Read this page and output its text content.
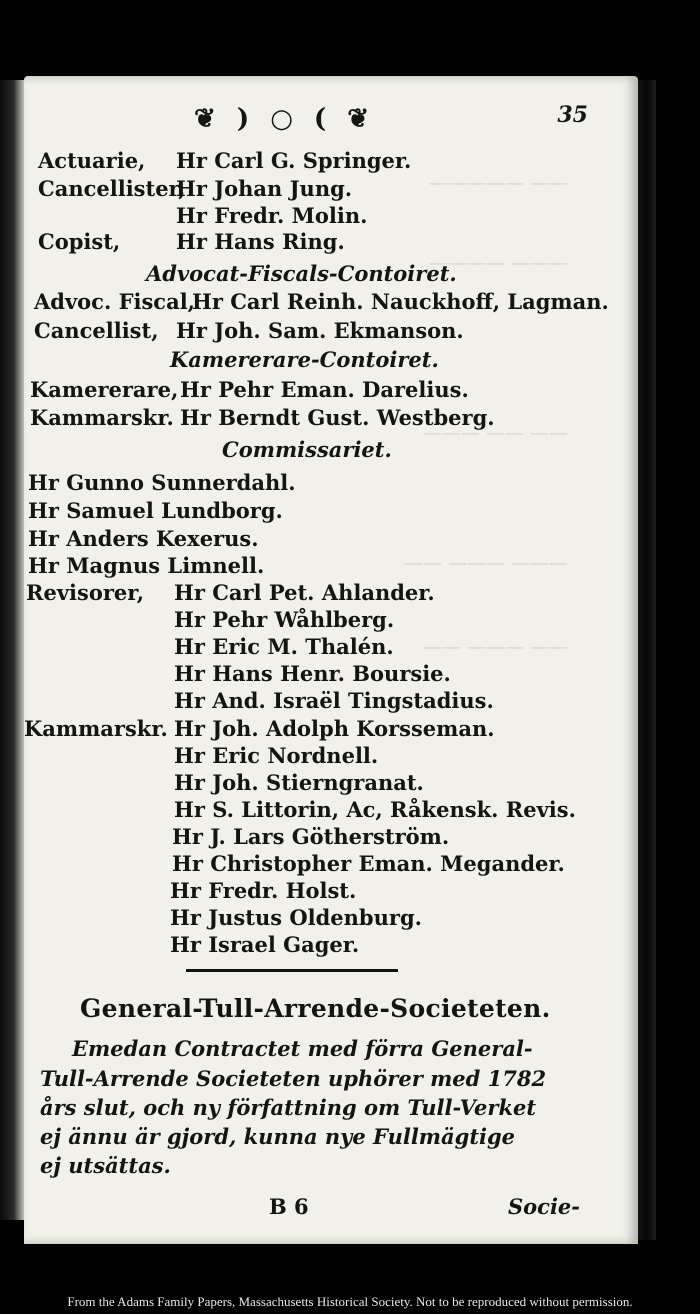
————— ——
———— ———
——— —— ——
—— ——— ———
—— ——— ——
❦ ) ○ ( ❦	35
Actuarie, Hr Carl G. Springer.
Cancellister,
Hr Johan Jung.
Hr Fredr. Molin.
Copist,	Hr Hans Ring.
Advocat-Fiscals-Contoiret.
Advoc. Fiscal,
Hr Carl Reinh. Nauckhoff, Lagman.
Cancellist, Hr Joh. Sam. Ekmanson.
Kamererare-Contoiret.
Kamererare, Hr Pehr Eman. Darelius.
Kammarskr. Hr Berndt Gust. Westberg.
Commissariet.
Hr Gunno Sunnerdahl.
Hr Samuel Lundborg.
Hr Anders Kexerus.
Hr Magnus Limnell.
Revisorer, Hr Carl Pet. Ahlander.
Hr Pehr Wåhlberg.
Hr Eric M. Thalén.
Hr Hans Henr. Boursie.
Hr And. Israël Tingstadius.
Kammarskr. Hr Joh. Adolph Korsseman.
Hr Eric Nordnell.
Hr Joh. Stierngranat.
Hr S. Littorin, Ac, Råkensk. Revis.
Hr J. Lars Götherström.
Hr Christopher Eman. Megander.
Hr Fredr. Holst.
Hr Justus Oldenburg.
Hr Israel Gager.
General-Tull-Arrende-Societeten.
Emedan Contractet med förra General-
Tull-Arrende Societeten uphörer med 1782
års slut, och ny författning om Tull-Verket
ej ännu är gjord, kunna nye Fullmägtige
ej utsättas.
B 6	Socie-
From the Adams Family Papers, Massachusetts Historical Society. Not to be reproduced without permission.
